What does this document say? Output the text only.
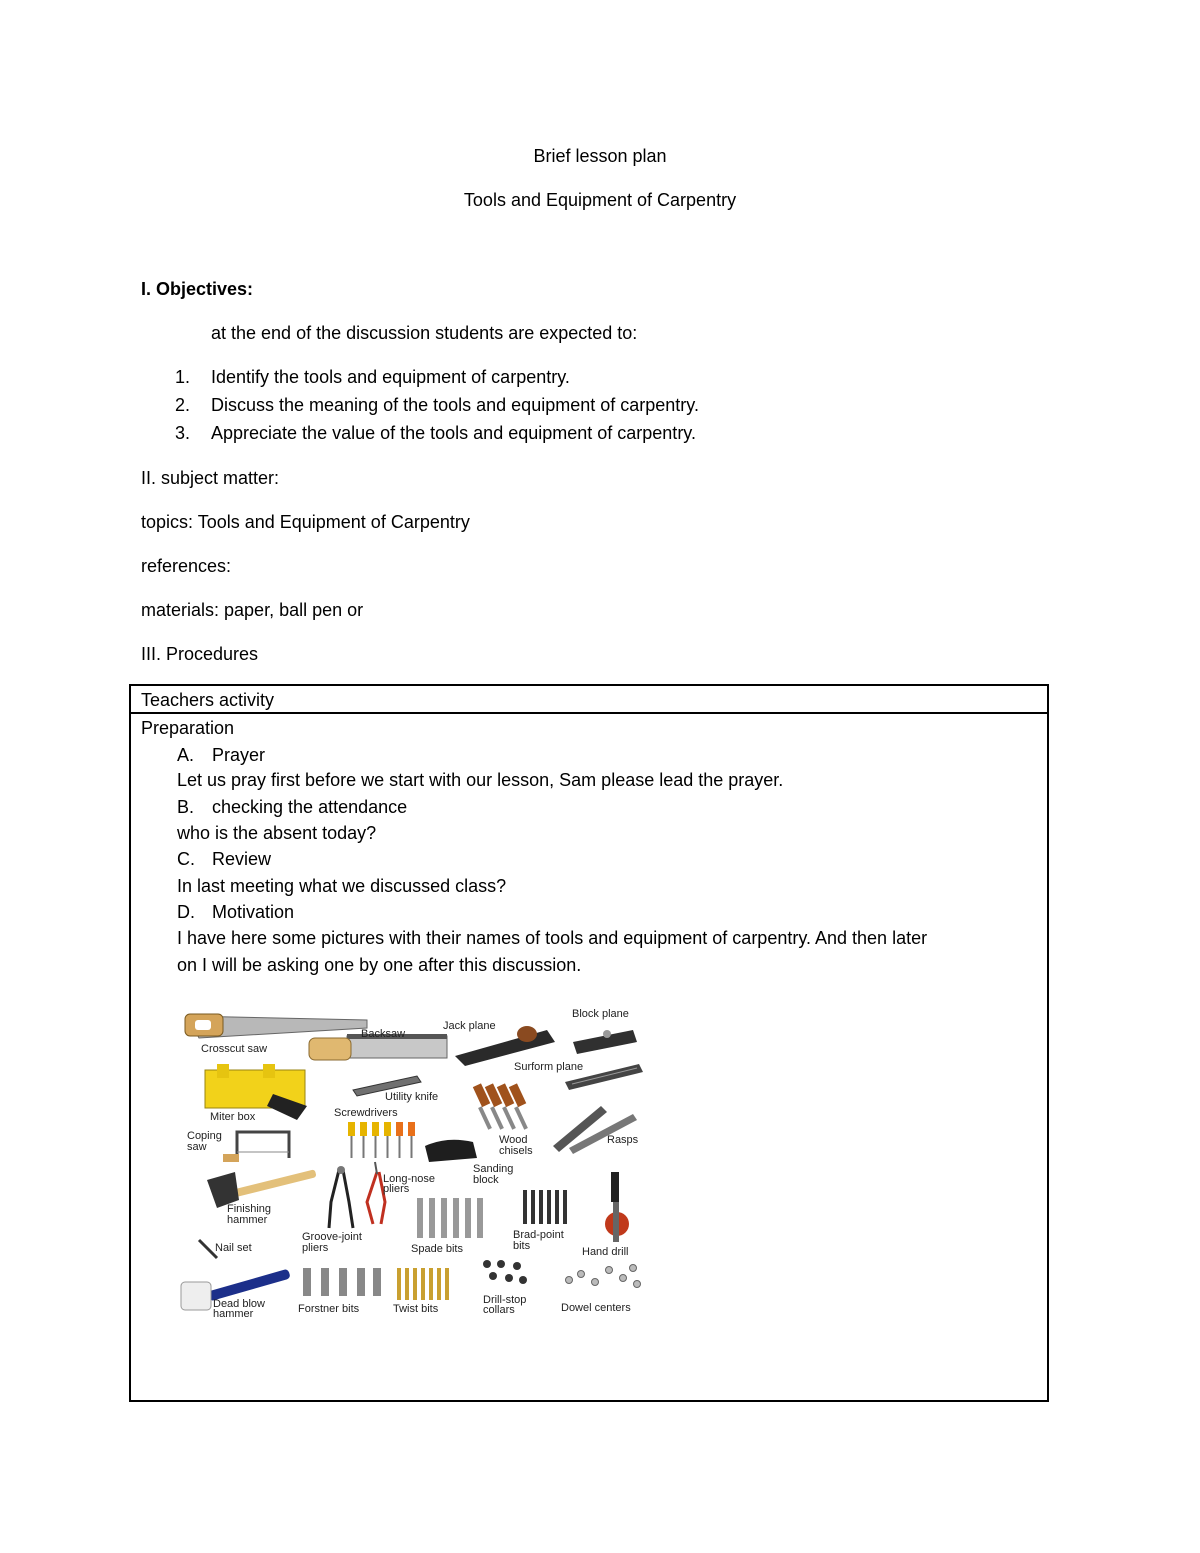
Brief lesson plan
Tools and Equipment of Carpentry
I. Objectives:
at the end of the discussion students are expected to:
1. Identify the tools and equipment of carpentry.
2. Discuss the meaning of the tools and equipment of carpentry.
3. Appreciate the value of the tools and equipment of carpentry.
II. subject matter:
topics: Tools and Equipment of Carpentry
references:
materials: paper, ball pen or
III. Procedures
Teachers activity
Preparation
A. Prayer
Let us pray first before we start with our lesson, Sam please lead the prayer.
B. checking the attendance
who is the absent today?
C. Review
In last meeting what we discussed class?
D. Motivation
I have here some pictures with their names of tools and equipment of carpentry. And then later
on I will be asking one by one after this discussion.
Crosscut saw
Backsaw
Jack plane
Block plane
Surform plane
Miter box
Utility knife
Screwdrivers
Coping
saw
Wood
chisels
Rasps
Sanding
block
Long-nose
pliers
Groove-joint
pliers
Finishing
hammer
Spade bits
Brad-point
bits	Hand drill
Nail set
Dead blow
hammer	Forstner bits	Twist bits
Drill-stop
collars	Dowel centers
